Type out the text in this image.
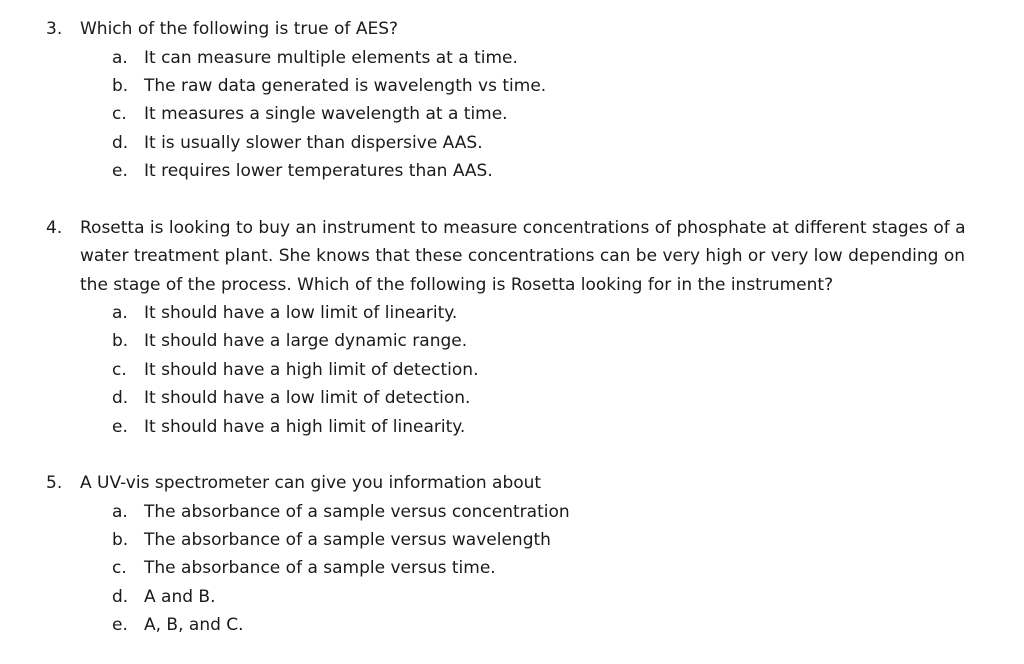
3. Which of the following is true of AES?
a. It can measure multiple elements at a time.
b. The raw data generated is wavelength vs time.
c. It measures a single wavelength at a time.
d. It is usually slower than dispersive AAS.
e. It requires lower temperatures than AAS.
4. Rosetta is looking to buy an instrument to measure concentrations of phosphate at different stages of a
water treatment plant. She knows that these concentrations can be very high or very low depending on
the stage of the process. Which of the following is Rosetta looking for in the instrument?
a. It should have a low limit of linearity.
b. It should have a large dynamic range.
c. It should have a high limit of detection.
d. It should have a low limit of detection.
e. It should have a high limit of linearity.
5. A UV-vis spectrometer can give you information about
a. The absorbance of a sample versus concentration
b. The absorbance of a sample versus wavelength
c. The absorbance of a sample versus time.
d. A and B.
e. A, B, and C.
